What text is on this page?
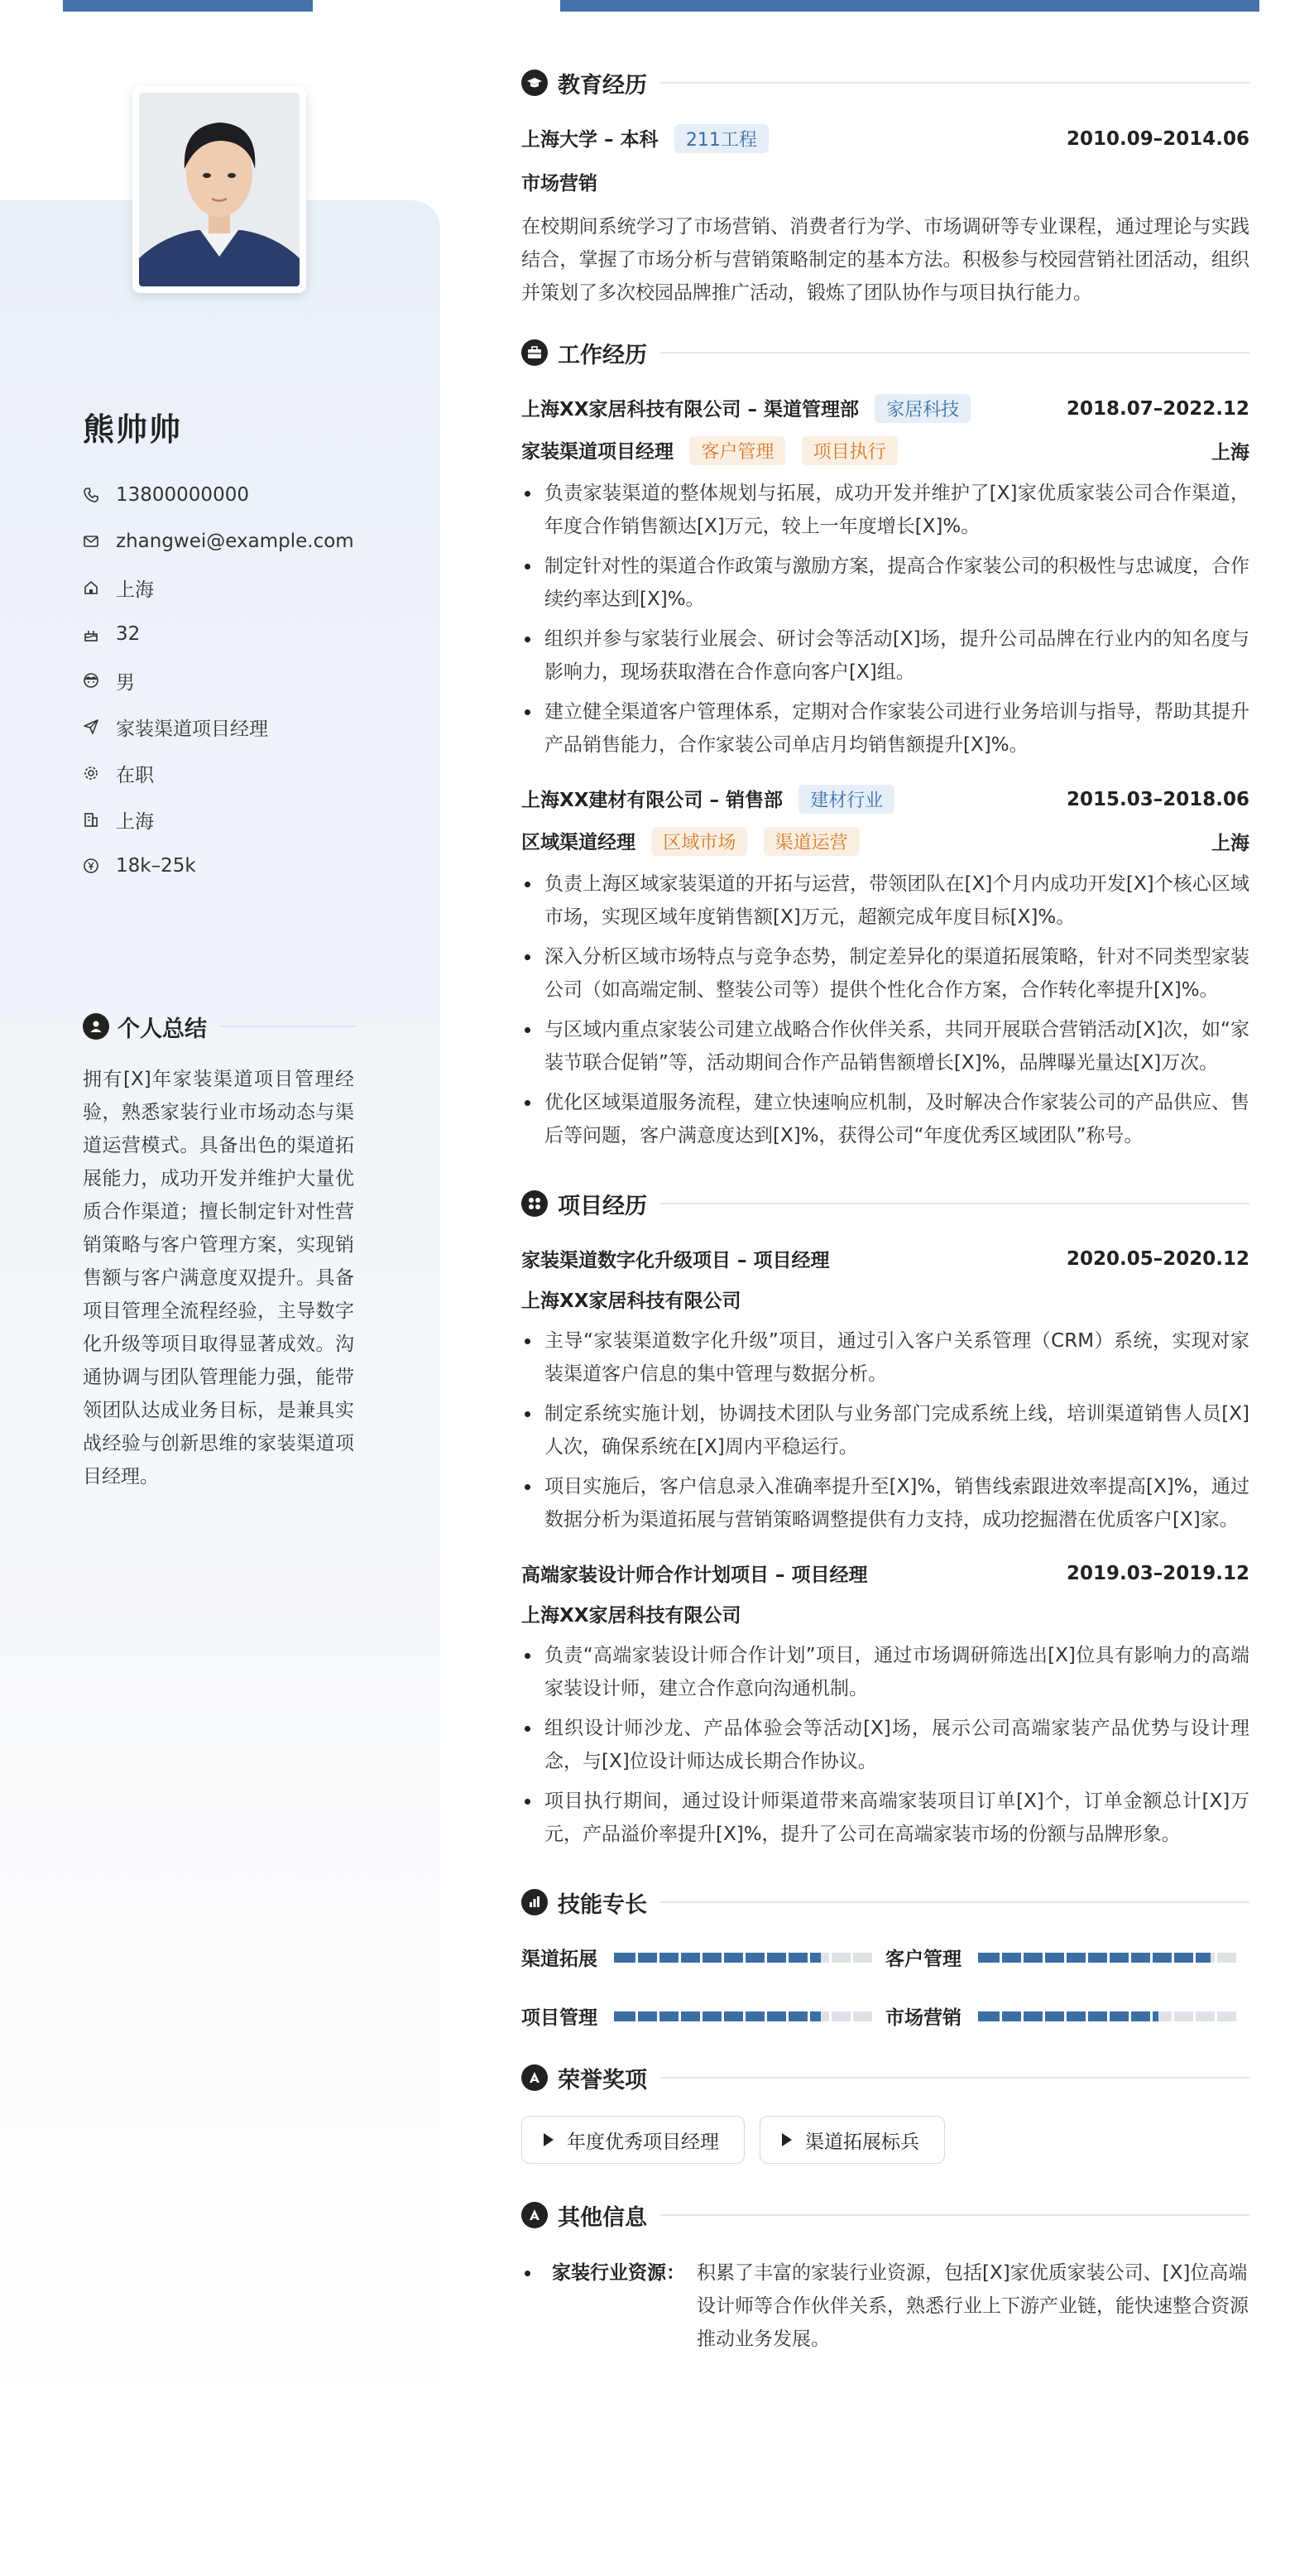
熊帅帅
13800000000
zhangwei@example.com
上海
32
男
家装渠道项目经理
在职
上海
18k–25k
个人总结
拥有[X]年家装渠道项目管理经验，熟悉家装行业市场动态与渠道运营模式。具备出色的渠道拓展能力，成功开发并维护大量优质合作渠道；擅长制定针对性营销策略与客户管理方案，实现销售额与客户满意度双提升。具备项目管理全流程经验，主导数字化升级等项目取得显著成效。沟通协调与团队管理能力强，能带领团队达成业务目标，是兼具实战经验与创新思维的家装渠道项目经理。
教育经历
上海大学 – 本科 211工程	2010.09–2014.06
市场营销
在校期间系统学习了市场营销、消费者行为学、市场调研等专业课程，通过理论与实践结合，掌握了市场分析与营销策略制定的基本方法。积极参与校园营销社团活动，组织并策划了多次校园品牌推广活动，锻炼了团队协作与项目执行能力。
工作经历
上海XX家居科技有限公司 – 渠道管理部 家居科技	2018.07–2022.12
家装渠道项目经理 客户管理 项目执行	上海
负责家装渠道的整体规划与拓展，成功开发并维护了[X]家优质家装公司合作渠道，年度合作销售额达[X]万元，较上一年度增长[X]%。
制定针对性的渠道合作政策与激励方案，提高合作家装公司的积极性与忠诚度，合作续约率达到[X]%。
组织并参与家装行业展会、研讨会等活动[X]场，提升公司品牌在行业内的知名度与影响力，现场获取潜在合作意向客户[X]组。
建立健全渠道客户管理体系，定期对合作家装公司进行业务培训与指导，帮助其提升产品销售能力，合作家装公司单店月均销售额提升[X]%。
上海XX建材有限公司 – 销售部 建材行业	2015.03–2018.06
区域渠道经理 区域市场 渠道运营	上海
负责上海区域家装渠道的开拓与运营，带领团队在[X]个月内成功开发[X]个核心区域市场，实现区域年度销售额[X]万元，超额完成年度目标[X]%。
深入分析区域市场特点与竞争态势，制定差异化的渠道拓展策略，针对不同类型家装公司（如高端定制、整装公司等）提供个性化合作方案，合作转化率提升[X]%。
与区域内重点家装公司建立战略合作伙伴关系，共同开展联合营销活动[X]次，如“家装节联合促销”等，活动期间合作产品销售额增长[X]%，品牌曝光量达[X]万次。
优化区域渠道服务流程，建立快速响应机制，及时解决合作家装公司的产品供应、售后等问题，客户满意度达到[X]%，获得公司“年度优秀区域团队”称号。
项目经历
家装渠道数字化升级项目 – 项目经理	2020.05–2020.12
上海XX家居科技有限公司
主导“家装渠道数字化升级”项目，通过引入客户关系管理（CRM）系统，实现对家装渠道客户信息的集中管理与数据分析。
制定系统实施计划，协调技术团队与业务部门完成系统上线，培训渠道销售人员[X]人次，确保系统在[X]周内平稳运行。
项目实施后，客户信息录入准确率提升至[X]%，销售线索跟进效率提高[X]%，通过数据分析为渠道拓展与营销策略调整提供有力支持，成功挖掘潜在优质客户[X]家。
高端家装设计师合作计划项目 – 项目经理	2019.03–2019.12
上海XX家居科技有限公司
负责“高端家装设计师合作计划”项目，通过市场调研筛选出[X]位具有影响力的高端家装设计师，建立合作意向沟通机制。
组织设计师沙龙、产品体验会等活动[X]场，展示公司高端家装产品优势与设计理念，与[X]位设计师达成长期合作协议。
项目执行期间，通过设计师渠道带来高端家装项目订单[X]个，订单金额总计[X]万元，产品溢价率提升[X]%，提升了公司在高端家装市场的份额与品牌形象。
技能专长
渠道拓展	客户管理
项目管理	市场营销
荣誉奖项
年度优秀项目经理	渠道拓展标兵
其他信息
家装行业资源： 积累了丰富的家装行业资源，包括[X]家优质家装公司、[X]位高端设计师等合作伙伴关系，熟悉行业上下游产业链，能快速整合资源推动业务发展。
